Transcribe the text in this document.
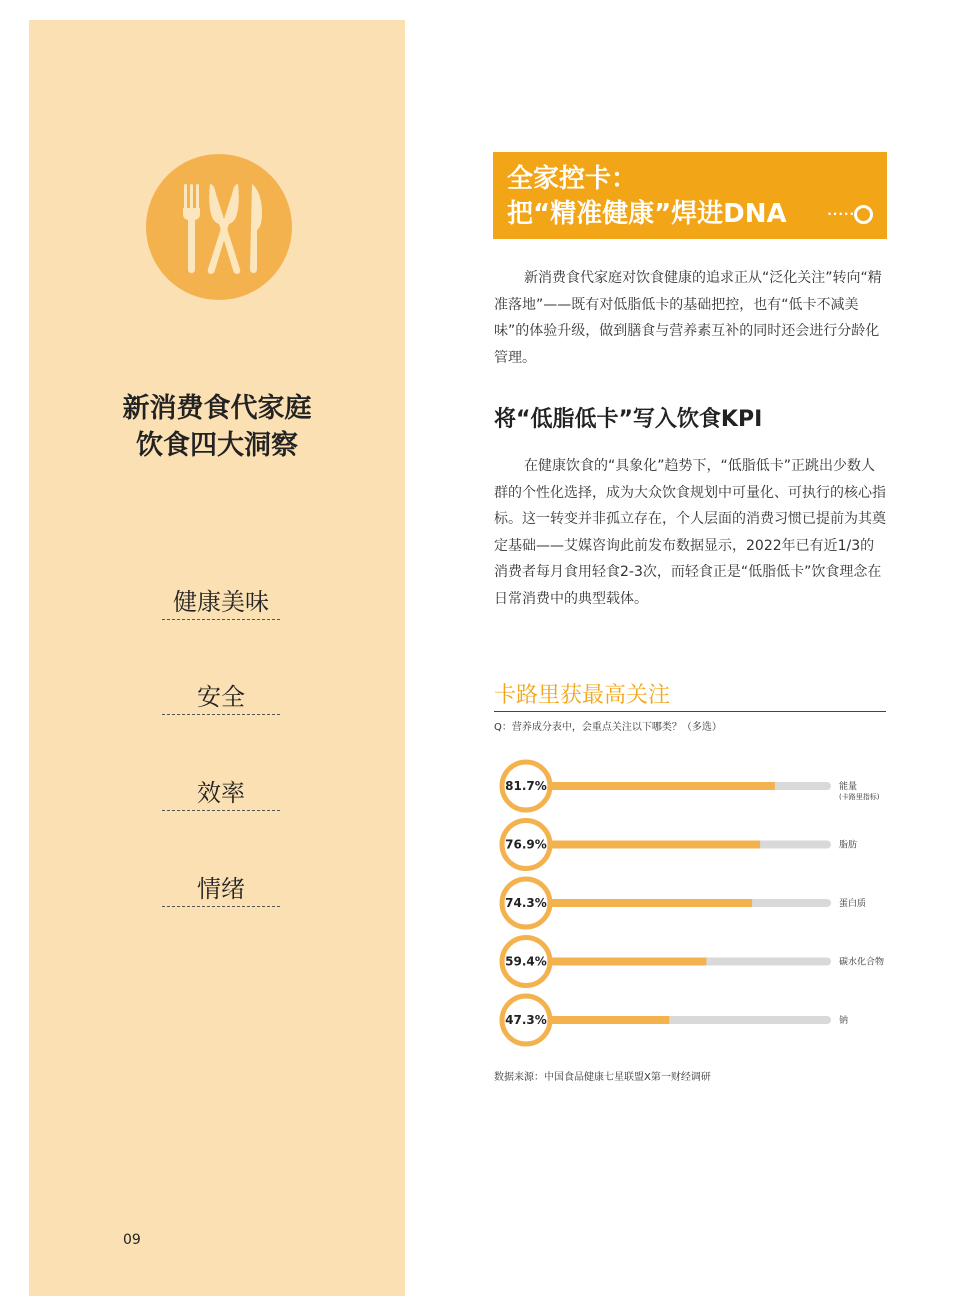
新消费食代家庭
饮食四大洞察
健康美味
安全
效率
情绪
09
全家控卡：
把“精准健康”焊进DNA	·····

新消费食代家庭对饮食健康的追求正从“泛化关注”转向“精准落地”——既有对低脂低卡的基础把控，也有“低卡不减美味”的体验升级，做到膳食与营养素互补的同时还会进行分龄化管理。

将“低脂低卡”写入饮食KPI

在健康饮食的“具象化”趋势下，“低脂低卡”正跳出少数人群的个性化选择，成为大众饮食规划中可量化、可执行的核心指标。这一转变并非孤立存在，个人层面的消费习惯已提前为其奠定基础——艾媒咨询此前发布数据显示，2022年已有近1/3的消费者每月食用轻食2-3次，而轻食正是“低脂低卡”饮食理念在日常消费中的典型载体。

卡路里获最高关注
Q：营养成分表中，会重点关注以下哪类？（多选）
81.7%	能量
(卡路里指标)
76.9%	脂肪
74.3%	蛋白质
59.4%	碳水化合物
47.3%	钠
数据来源：中国食品健康七星联盟X第一财经调研
